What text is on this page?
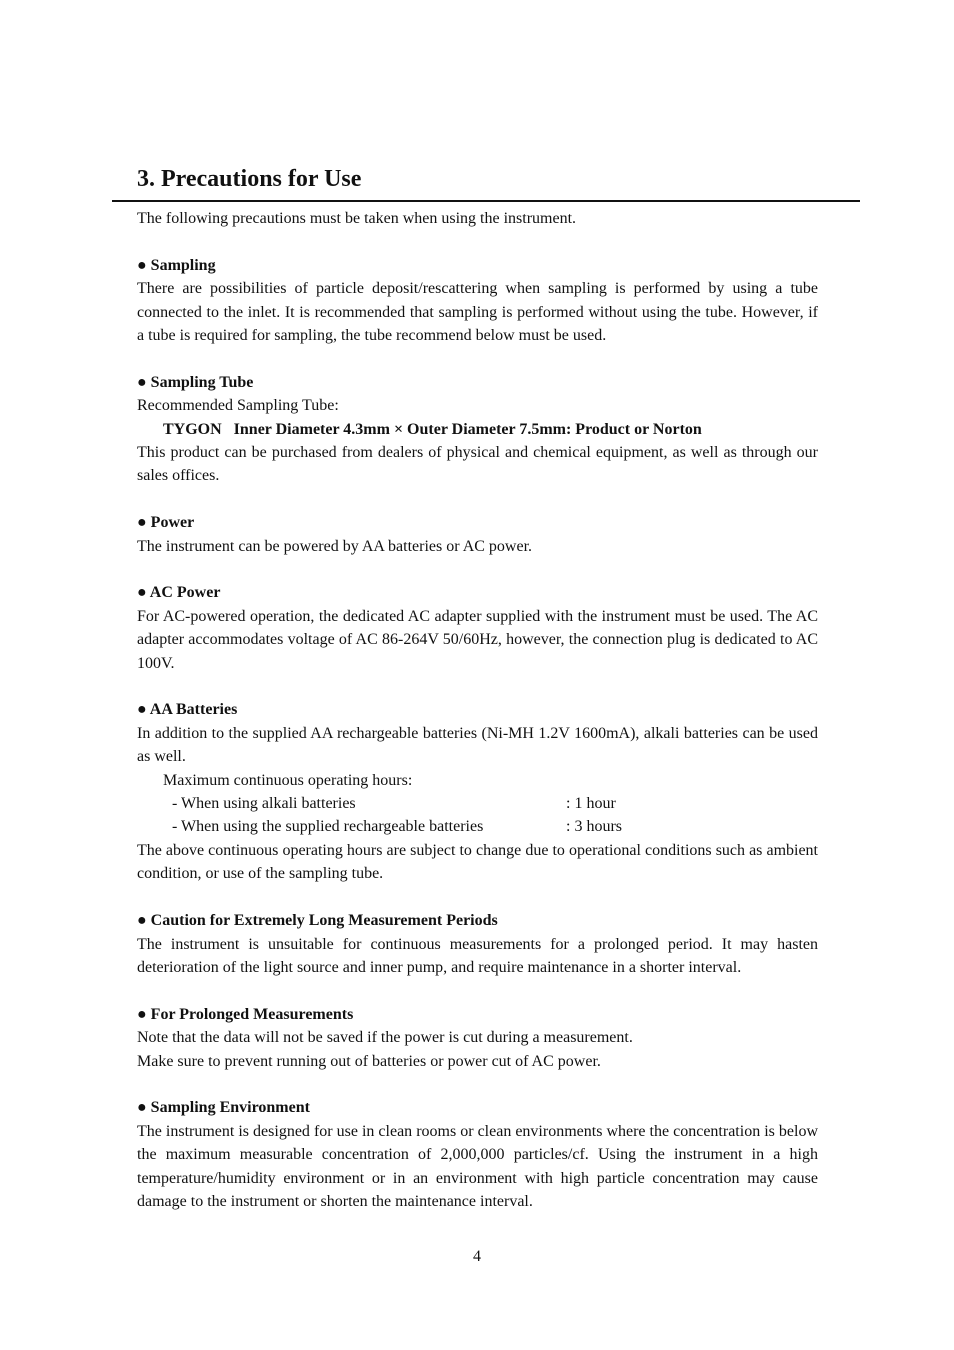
3. Precautions for Use

The following precautions must be taken when using the instrument.

● Sampling

There are possibilities of particle deposit/rescattering when sampling is performed by using a tube connected to the inlet. It is recommended that sampling is performed without using the tube. However, if a tube is required for sampling, the tube recommend below must be used.

● Sampling Tube

Recommended Sampling Tube:

TYGON   Inner Diameter 4.3mm × Outer Diameter 7.5mm: Product or Norton

This product can be purchased from dealers of physical and chemical equipment, as well as through our sales offices.

● Power

The instrument can be powered by AA batteries or AC power.

● AC Power

For AC-powered operation, the dedicated AC adapter supplied with the instrument must be used. The AC adapter accommodates voltage of AC 86-264V 50/60Hz, however, the connection plug is dedicated to AC 100V.

● AA Batteries

In addition to the supplied AA rechargeable batteries (Ni-MH 1.2V 1600mA), alkali batteries can be used as well.

Maximum continuous operating hours:

- When using alkali batteries	: 1 hour
- When using the supplied rechargeable batteries	: 3 hours

The above continuous operating hours are subject to change due to operational conditions such as ambient condition, or use of the sampling tube.

● Caution for Extremely Long Measurement Periods

The instrument is unsuitable for continuous measurements for a prolonged period. It may hasten deterioration of the light source and inner pump, and require maintenance in a shorter interval.

● For Prolonged Measurements

Note that the data will not be saved if the power is cut during a measurement.

Make sure to prevent running out of batteries or power cut of AC power.

● Sampling Environment

The instrument is designed for use in clean rooms or clean environments where the concentration is below the maximum measurable concentration of 2,000,000 particles/cf. Using the instrument in a high temperature/humidity environment or in an environment with high particle concentration may cause damage to the instrument or shorten the maintenance interval.

4
